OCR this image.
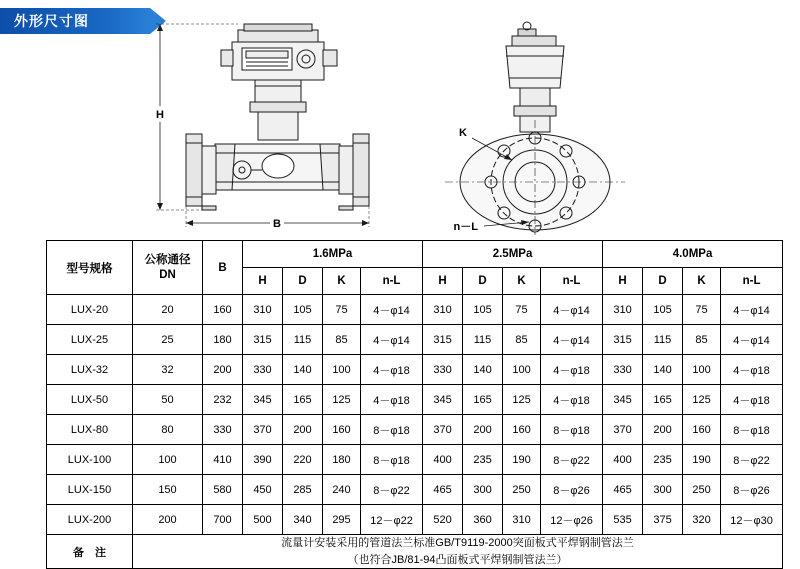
外形尺寸图
H
B
K
n－L
型号规格	公称通径
DN	B	1.6MPa				2.5MPa				4.0MPa			
			H	D	K	n-L	H	D	K	n-L	H	D	K	n-L
LUX-20	20	160	310	105	75	4－φ14	310	105	75	4－φ14	310	105	75	4－φ14
LUX-25	25	180	315	115	85	4－φ14	315	115	85	4－φ14	315	115	85	4－φ14
LUX-32	32	200	330	140	100	4－φ18	330	140	100	4－φ18	330	140	100	4－φ18
LUX-50	50	232	345	165	125	4－φ18	345	165	125	4－φ18	345	165	125	4－φ18
LUX-80	80	330	370	200	160	8－φ18	370	200	160	8－φ18	370	200	160	8－φ18
LUX-100	100	410	390	220	180	8－φ18	400	235	190	8－φ22	400	235	190	8－φ22
LUX-150	150	580	450	285	240	8－φ22	465	300	250	8－φ26	465	300	250	8－φ26
LUX-200	200	700	500	340	295	12－φ22	520	360	310	12－φ26	535	375	320	12－φ30
备　注	流量计安装采用的管道法兰标准GB/T9119-2000突面板式平焊钢制管法兰
（也符合JB/81-94凸面板式平焊钢制管法兰）													
